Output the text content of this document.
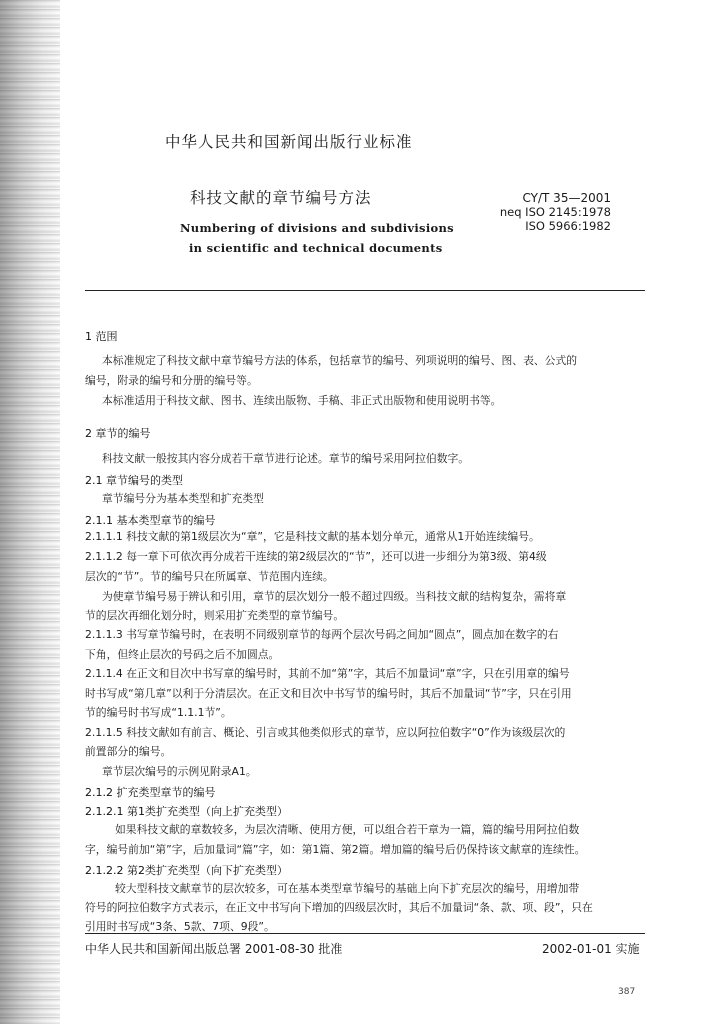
中华人民共和国新闻出版行业标准
科技文献的章节编号方法
Numbering of divisions and subdivisions
in scientific and technical documents
CY/T 35—2001
neq ISO 2145:1978
ISO 5966:1982
1 范围
本标准规定了科技文献中章节编号方法的体系，包括章节的编号、列项说明的编号、图、表、公式的
编号，附录的编号和分册的编号等。
本标准适用于科技文献、图书、连续出版物、手稿、非正式出版物和使用说明书等。
2 章节的编号
科技文献一般按其内容分成若干章节进行论述。章节的编号采用阿拉伯数字。
2.1 章节编号的类型
章节编号分为基本类型和扩充类型
2.1.1 基本类型章节的编号
2.1.1.1 科技文献的第1级层次为“章”，它是科技文献的基本划分单元，通常从1开始连续编号。
2.1.1.2 每一章下可依次再分成若干连续的第2级层次的“节”，还可以进一步细分为第3级、第4级
层次的“节”。节的编号只在所属章、节范围内连续。
为使章节编号易于辨认和引用，章节的层次划分一般不超过四级。当科技文献的结构复杂，需将章
节的层次再细化划分时，则采用扩充类型的章节编号。
2.1.1.3 书写章节编号时，在表明不同级别章节的每两个层次号码之间加“圆点”，圆点加在数字的右
下角，但终止层次的号码之后不加圆点。
2.1.1.4 在正文和目次中书写章的编号时，其前不加“第”字，其后不加量词“章”字，只在引用章的编号
时书写成“第几章”以利于分清层次。在正文和目次中书写节的编号时，其后不加量词“节”字，只在引用
节的编号时书写成“1.1.1节”。
2.1.1.5 科技文献如有前言、概论、引言或其他类似形式的章节，应以阿拉伯数字“0”作为该级层次的
前置部分的编号。
章节层次编号的示例见附录A1。
2.1.2 扩充类型章节的编号
2.1.2.1 第1类扩充类型（向上扩充类型）
如果科技文献的章数较多，为层次清晰、使用方便，可以组合若干章为一篇，篇的编号用阿拉伯数
字，编号前加“第”字，后加量词“篇”字，如：第1篇、第2篇。增加篇的编号后仍保持该文献章的连续性。
2.1.2.2 第2类扩充类型（向下扩充类型）
较大型科技文献章节的层次较多，可在基本类型章节编号的基础上向下扩充层次的编号，用增加带
符号的阿拉伯数字方式表示，在正文中书写向下增加的四级层次时，其后不加量词“条、款、项、段”，只在
引用时书写成“3条、5款、7项、9段”。
中华人民共和国新闻出版总署 2001-08-30 批准	2002-01-01 实施
387
